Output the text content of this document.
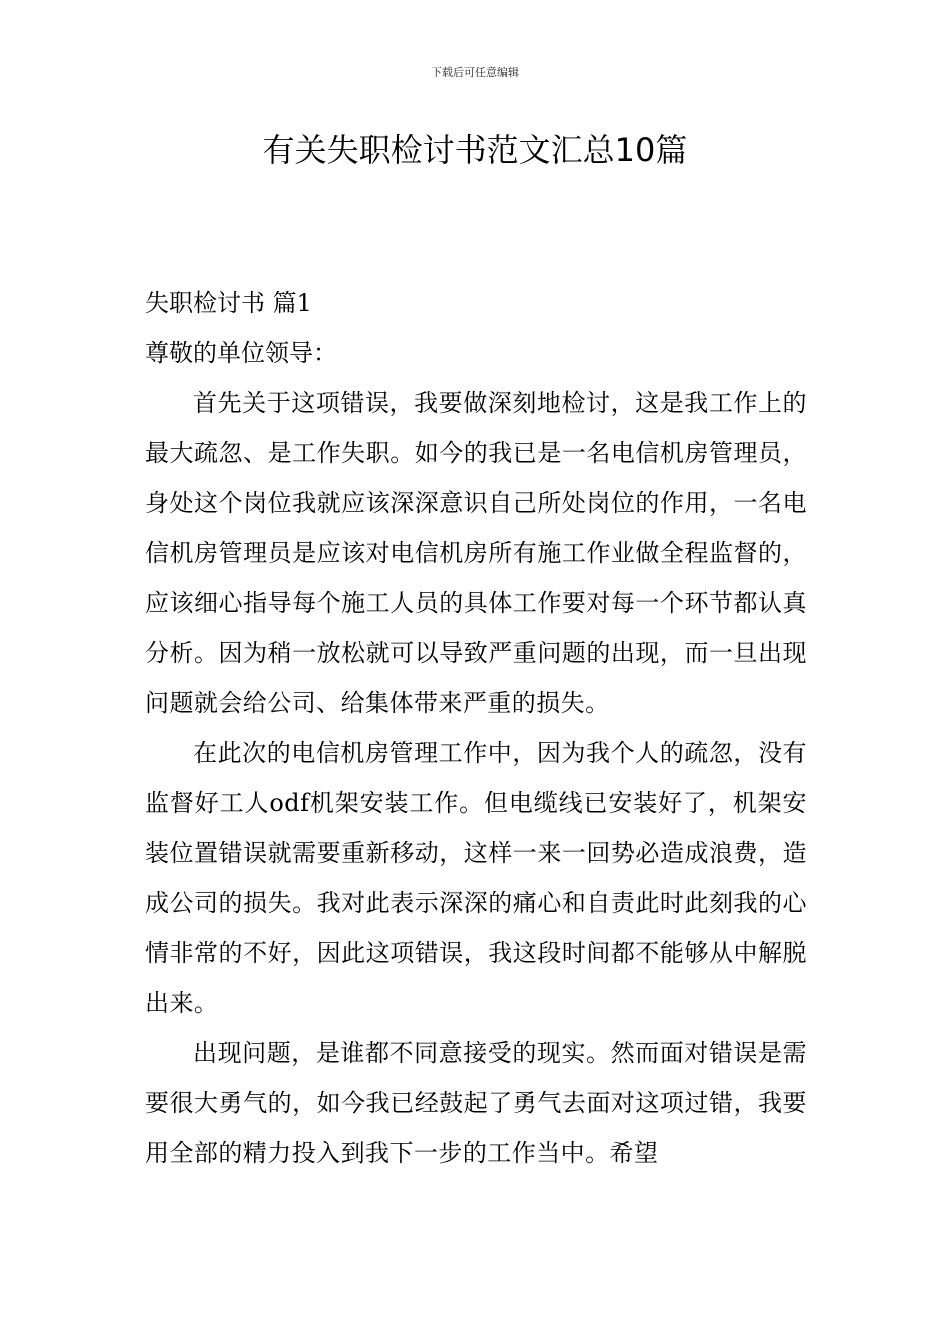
下载后可任意编辑
有关失职检讨书范文汇总10篇

失职检讨书 篇1

尊敬的单位领导：

首先关于这项错误，我要做深刻地检讨，这是我工作上的最大疏忽、是工作失职。如今的我已是一名电信机房管理员，身处这个岗位我就应该深深意识自己所处岗位的作用，一名电信机房管理员是应该对电信机房所有施工作业做全程监督的，应该细心指导每个施工人员的具体工作要对每一个环节都认真分析。因为稍一放松就可以导致严重问题的出现，而一旦出现问题就会给公司、给集体带来严重的损失。

在此次的电信机房管理工作中，因为我个人的疏忽，没有监督好工人odf机架安装工作。但电缆线已安装好了，机架安装位置错误就需要重新移动，这样一来一回势必造成浪费，造成公司的损失。我对此表示深深的痛心和自责此时此刻我的心情非常的不好，因此这项错误，我这段时间都不能够从中解脱出来。

出现问题，是谁都不同意接受的现实。然而面对错误是需要很大勇气的，如今我已经鼓起了勇气去面对这项过错，我要用全部的精力投入到我下一步的工作当中。希望
